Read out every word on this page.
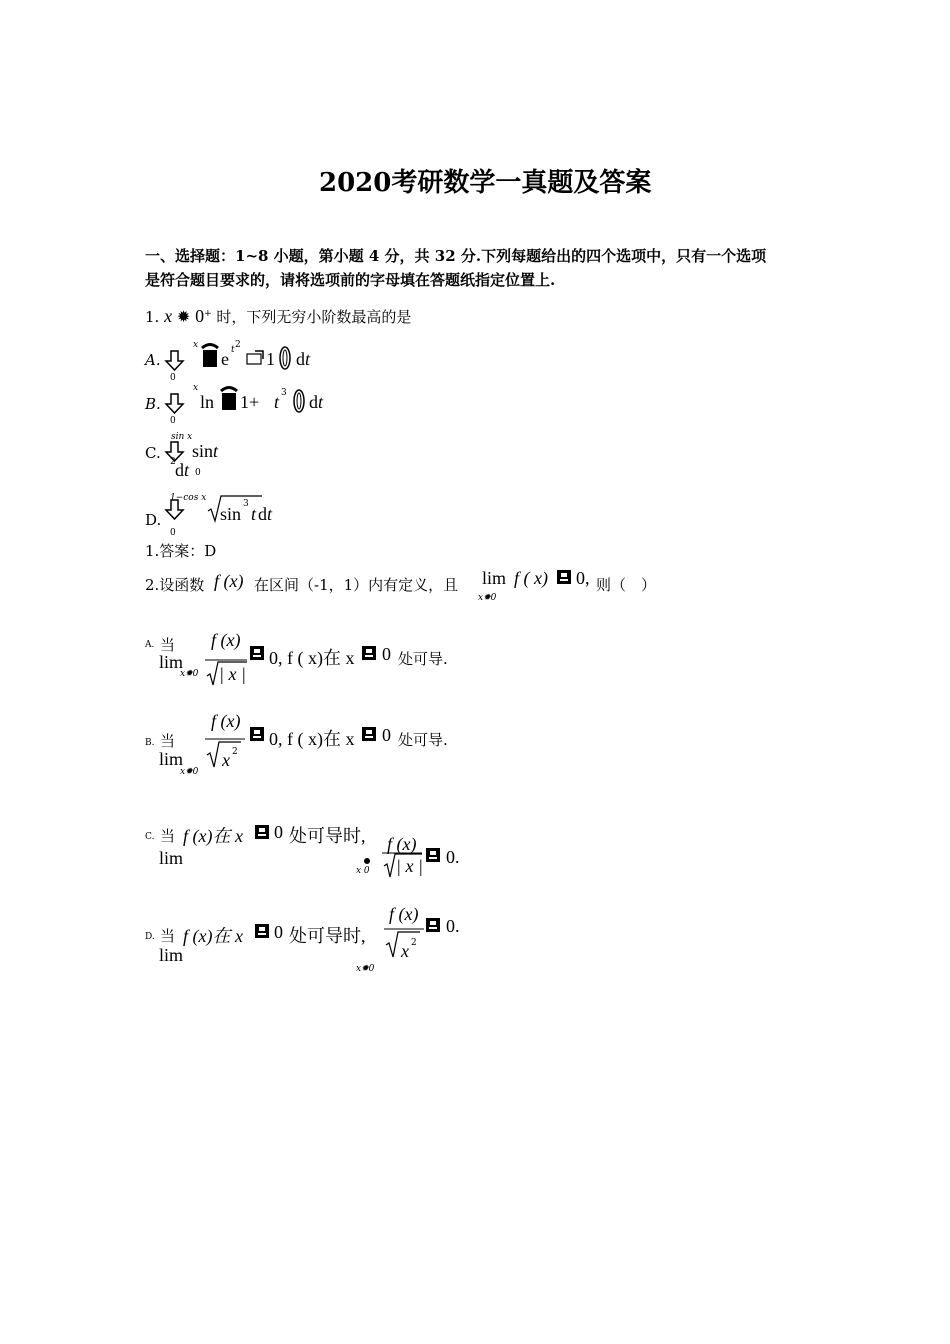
2020考研数学一真题及答案
一、选择题：1~8 小题，第小题 4 分，共 32 分.下列每题给出的四个选项中，只有一个选项
是符合题目要求的，请将选项前的字母填在答题纸指定位置上.
1. x ✹ 0+ 时，下列无穷小阶数最高的是
A.
x
0
e t 2
1 dt
B.
x
0
ln 1+ t 3 dt
C.
sin x
sint
2 dt 0
1−cos x
D.
0
sin 3 t dt
1.答案：D
2.设函数 f (x) 在区间（-1，1）内有定义，且 lim f ( x) 0, 则（　）
x✹0
A. 当
lim
x✹0
f (x)
| x |
0, f ( x)在 x 0 处可导.
B. 当
lim
x✹0
f (x)
x 2
0, f ( x)在 x 0 处可导.
C. 当 f (x)在 x 0 处可导时,
lim
x 0
f (x)
| x | 0.
D. 当 f (x)在 x 0 处可导时,
lim
x✹0
f (x)
x 2
0.
